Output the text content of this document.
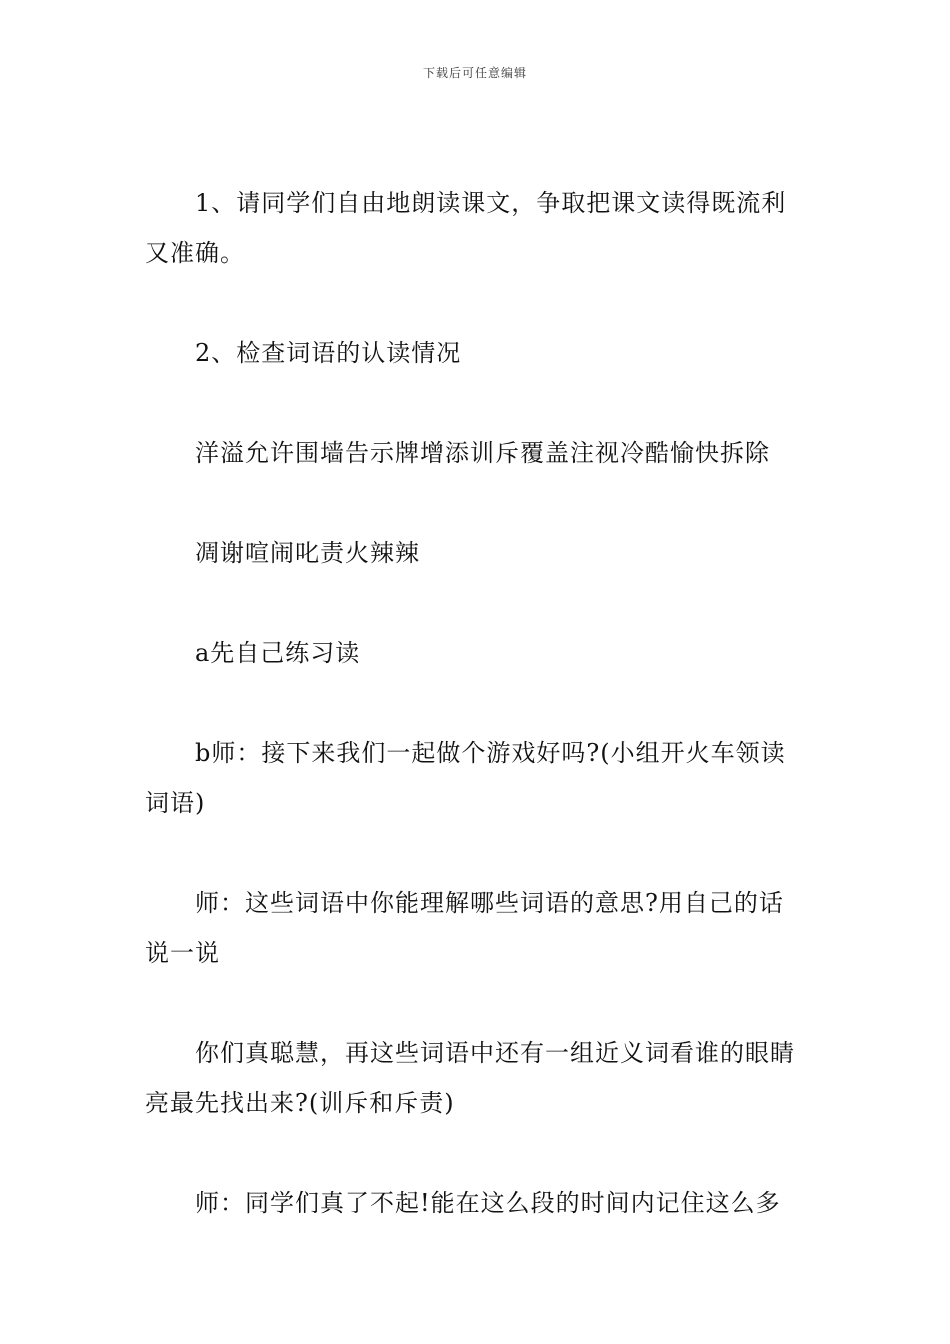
下载后可任意编辑

1、请同学们自由地朗读课文，争取把课文读得既流利又准确。

2、检查词语的认读情况

洋溢允许围墙告示牌增添训斥覆盖注视冷酷愉快拆除

凋谢喧闹叱责火辣辣

a先自己练习读

b师：接下来我们一起做个游戏好吗?(小组开火车领读词语)

师：这些词语中你能理解哪些词语的意思?用自己的话说一说

你们真聪慧，再这些词语中还有一组近义词看谁的眼睛亮最先找出来?(训斥和斥责)

师：同学们真了不起!能在这么段的时间内记住这么多
